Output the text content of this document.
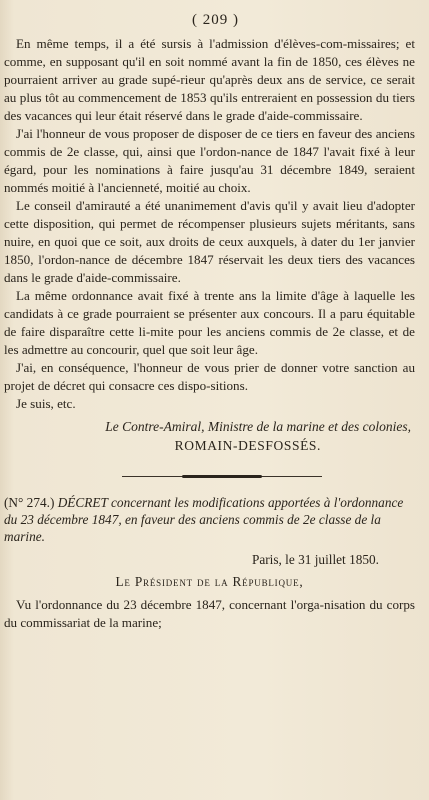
( 209 )

En même temps, il a été sursis à l'admission d'élèves-com-missaires; et comme, en supposant qu'il en soit nommé avant la fin de 1850, ces élèves ne pourraient arriver au grade supé-rieur qu'après deux ans de service, ce serait au plus tôt au commencement de 1853 qu'ils entreraient en possession du tiers des vacances qui leur était réservé dans le grade d'aide-commissaire.

J'ai l'honneur de vous proposer de disposer de ce tiers en faveur des anciens commis de 2e classe, qui, ainsi que l'ordon-nance de 1847 l'avait fixé à leur égard, pour les nominations à faire jusqu'au 31 décembre 1849, seraient nommés moitié à l'ancienneté, moitié au choix.

Le conseil d'amirauté a été unanimement d'avis qu'il y avait lieu d'adopter cette disposition, qui permet de récompenser plusieurs sujets méritants, sans nuire, en quoi que ce soit, aux droits de ceux auxquels, à dater du 1er janvier 1850, l'ordon-nance de décembre 1847 réservait les deux tiers des vacances dans le grade d'aide-commissaire.

La même ordonnance avait fixé à trente ans la limite d'âge à laquelle les candidats à ce grade pourraient se présenter aux concours. Il a paru équitable de faire disparaître cette li-mite pour les anciens commis de 2e classe, et de les admettre au concourir, quel que soit leur âge.

J'ai, en conséquence, l'honneur de vous prier de donner votre sanction au projet de décret qui consacre ces dispo-sitions.

Je suis, etc.

Le Contre-Amiral, Ministre de la marine et des colonies,
ROMAIN-DESFOSSÉS.

(N° 274.) DÉCRET concernant les modifications apportées à l'ordonnance du 23 décembre 1847, en faveur des anciens commis de 2e classe de la marine.

Paris, le 31 juillet 1850.
Le Président de la République,

Vu l'ordonnance du 23 décembre 1847, concernant l'orga-nisation du corps du commissariat de la marine;
